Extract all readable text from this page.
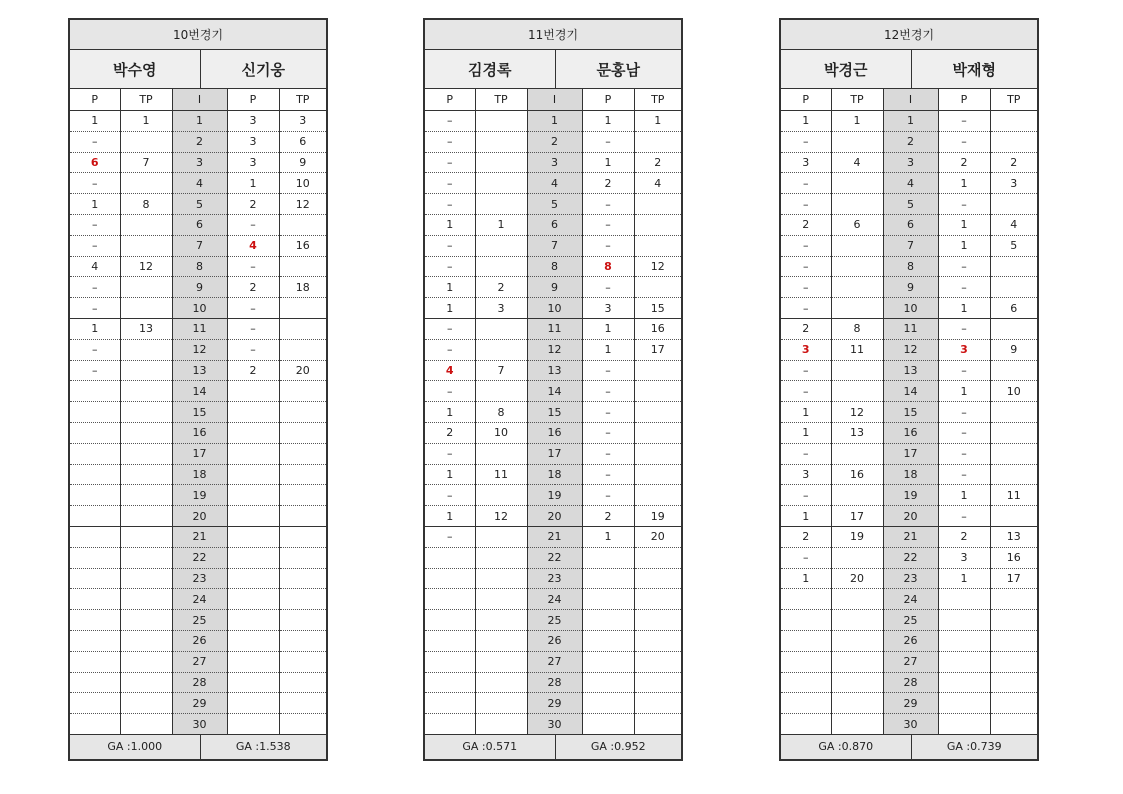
10번경기					
박수영			신기웅		
P	TP	I		P	TP
1	1	1		3	3
–		2		3	6
6	7	3		3	9
–		4		1	10
1	8	5		2	12
–		6		–	
–		7		4	16
4	12	8		–	
–		9		2	18
–		10		–	
1	13	11		–	
–		12		–	
–		13		2	20
		14			
		15			
		16			
		17			
		18			
		19			
		20			
		21			
		22			
		23			
		24			
		25			
		26			
		27			
		28			
		29			
		30			
GA :1.000			GA :1.538		
11번경기					
김경록			문홍남		
P	TP	I		P	TP
–		1		1	1
–		2		–	
–		3		1	2
–		4		2	4
–		5		–	
1	1	6		–	
–		7		–	
–		8		8	12
1	2	9		–	
1	3	10		3	15
–		11		1	16
–		12		1	17
4	7	13		–	
–		14		–	
1	8	15		–	
2	10	16		–	
–		17		–	
1	11	18		–	
–		19		–	
1	12	20		2	19
–		21		1	20
		22			
		23			
		24			
		25			
		26			
		27			
		28			
		29			
		30			
GA :0.571			GA :0.952		
12번경기					
박경근			박재형		
P	TP	I		P	TP
1	1	1		–	
–		2		–	
3	4	3		2	2
–		4		1	3
–		5		–	
2	6	6		1	4
–		7		1	5
–		8		–	
–		9		–	
–		10		1	6
2	8	11		–	
3	11	12		3	9
–		13		–	
–		14		1	10
1	12	15		–	
1	13	16		–	
–		17		–	
3	16	18		–	
–		19		1	11
1	17	20		–	
2	19	21		2	13
–		22		3	16
1	20	23		1	17
		24			
		25			
		26			
		27			
		28			
		29			
		30			
GA :0.870			GA :0.739		
